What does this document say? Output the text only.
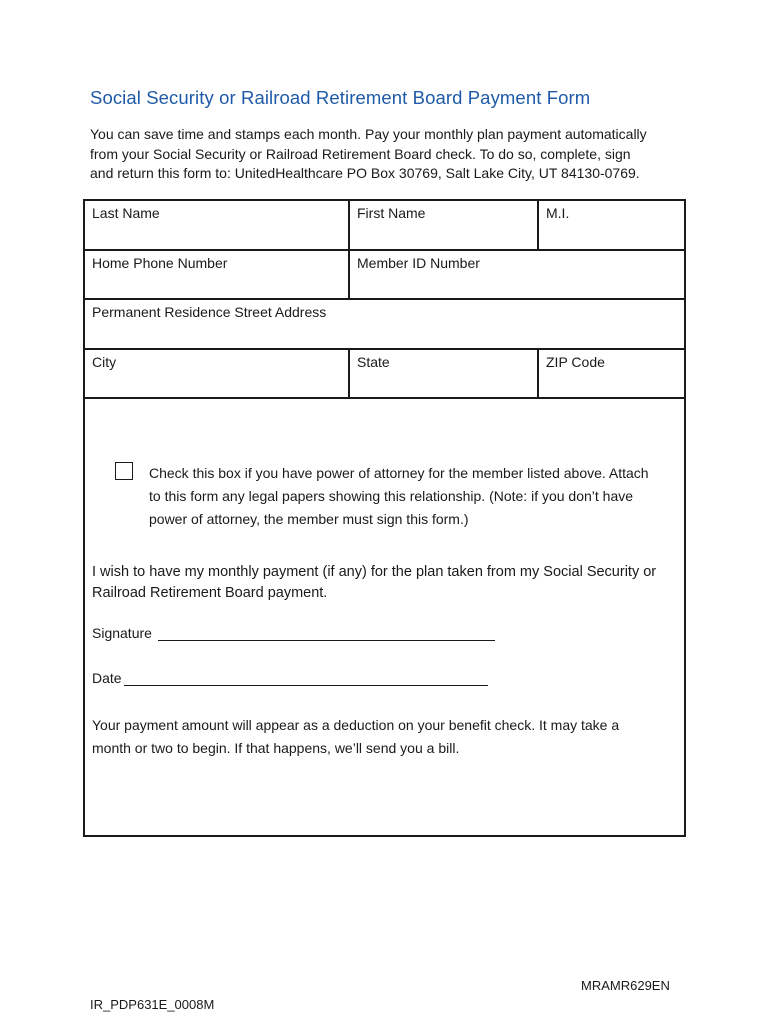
Social Security or Railroad Retirement Board Payment Form

You can save time and stamps each month. Pay your monthly plan payment automatically

from your Social Security or Railroad Retirement Board check. To do so, complete, sign

and return this form to: UnitedHealthcare PO Box 30769, Salt Lake City, UT 84130-0769.

Last Name	First Name	M.I.
Home Phone Number	Member ID Number
Permanent Residence Street Address
City	State	ZIP Code

Check this box if you have power of attorney for the member listed above. Attach

to this form any legal papers showing this relationship. (Note: if you don’t have

power of attorney, the member must sign this form.)

I wish to have my monthly payment (if any) for the plan taken from my Social Security or

Railroad Retirement Board payment.

Signature
Date

Your payment amount will appear as a deduction on your benefit check. It may take a

month or two to begin. If that happens, we’ll send you a bill.

MRAMR629EN
IR_PDP631E_0008M
